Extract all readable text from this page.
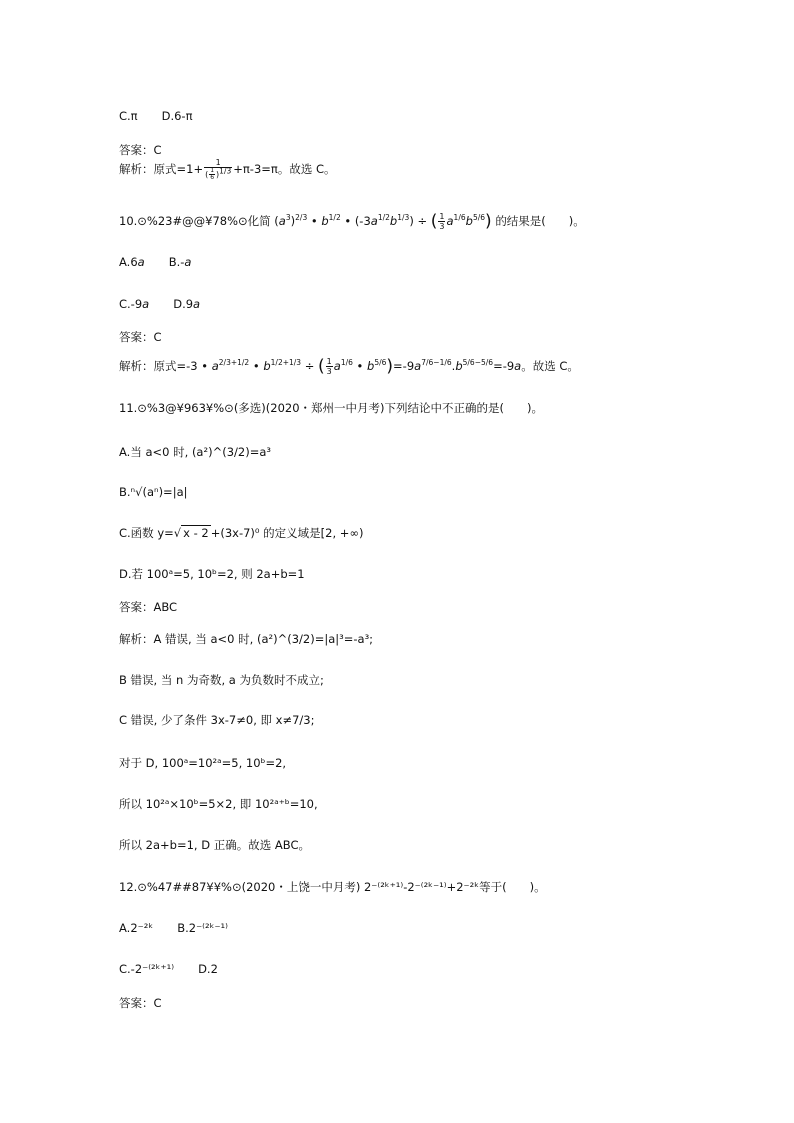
C.π D.6-π
答案：C
解析：原式$=1+ \frac{1}{( \frac{1}{6} )^{1/3}} +\pi-3=\pi$。故选 C。
10.⊙%23#@@¥78%⊙化简 $(a^3)^{2/3}$ • $b^{1/2}$ • $(-3a^{1/2}b^{1/3})$ ÷ ( $\frac{1}{3} a^{1/6}b^{5/6}$) 的结果是(　　)。
A.6a B.-a
C.-9a D.9a
答案：C
解析：原式=-3 • $a^{2/3+1/2}$ • $b^{1/2+1/3}$ ÷ ( $\frac{1}{3} a^{1/6}$ • $b^{5/6})=-9a^{7/6-1/6}.b^{5/6-5/6}=-9a$。故选 C。
11.⊙%3@¥963¥%⊙(多选)(2020・郑州一中月考)下列结论中不正确的是(　　)。
A.当 a<0 时, (a²)^(3/2)=a³
B.ⁿ√(aⁿ)=|a|
C.函数 y=√ x - 2 +(3x-7)⁰ 的定义域是[2, +∞)
D.若 100ᵃ=5, 10ᵇ=2, 则 2a+b=1
答案：ABC
解析：A 错误, 当 a<0 时, (a²)^(3/2)=|a|³=-a³;
B 错误, 当 n 为奇数, a 为负数时不成立;
C 错误, 少了条件 3x-7≠0, 即 x≠7/3;
对于 D, 100ᵃ=10²ᵃ=5, 10ᵇ=2,
所以 10²ᵃ×10ᵇ=5×2, 即 10²ᵃ⁺ᵇ=10,
所以 2a+b=1, D 正确。故选 ABC。
12.⊙%47##87¥¥%⊙(2020・上饶一中月考) 2⁻⁽²ᵏ⁺¹⁾-2⁻⁽²ᵏ⁻¹⁾+2⁻²ᵏ等于(　　)。
A.2⁻²ᵏ B.2⁻⁽²ᵏ⁻¹⁾
C.-2⁻⁽²ᵏ⁺¹⁾ D.2
答案：C
